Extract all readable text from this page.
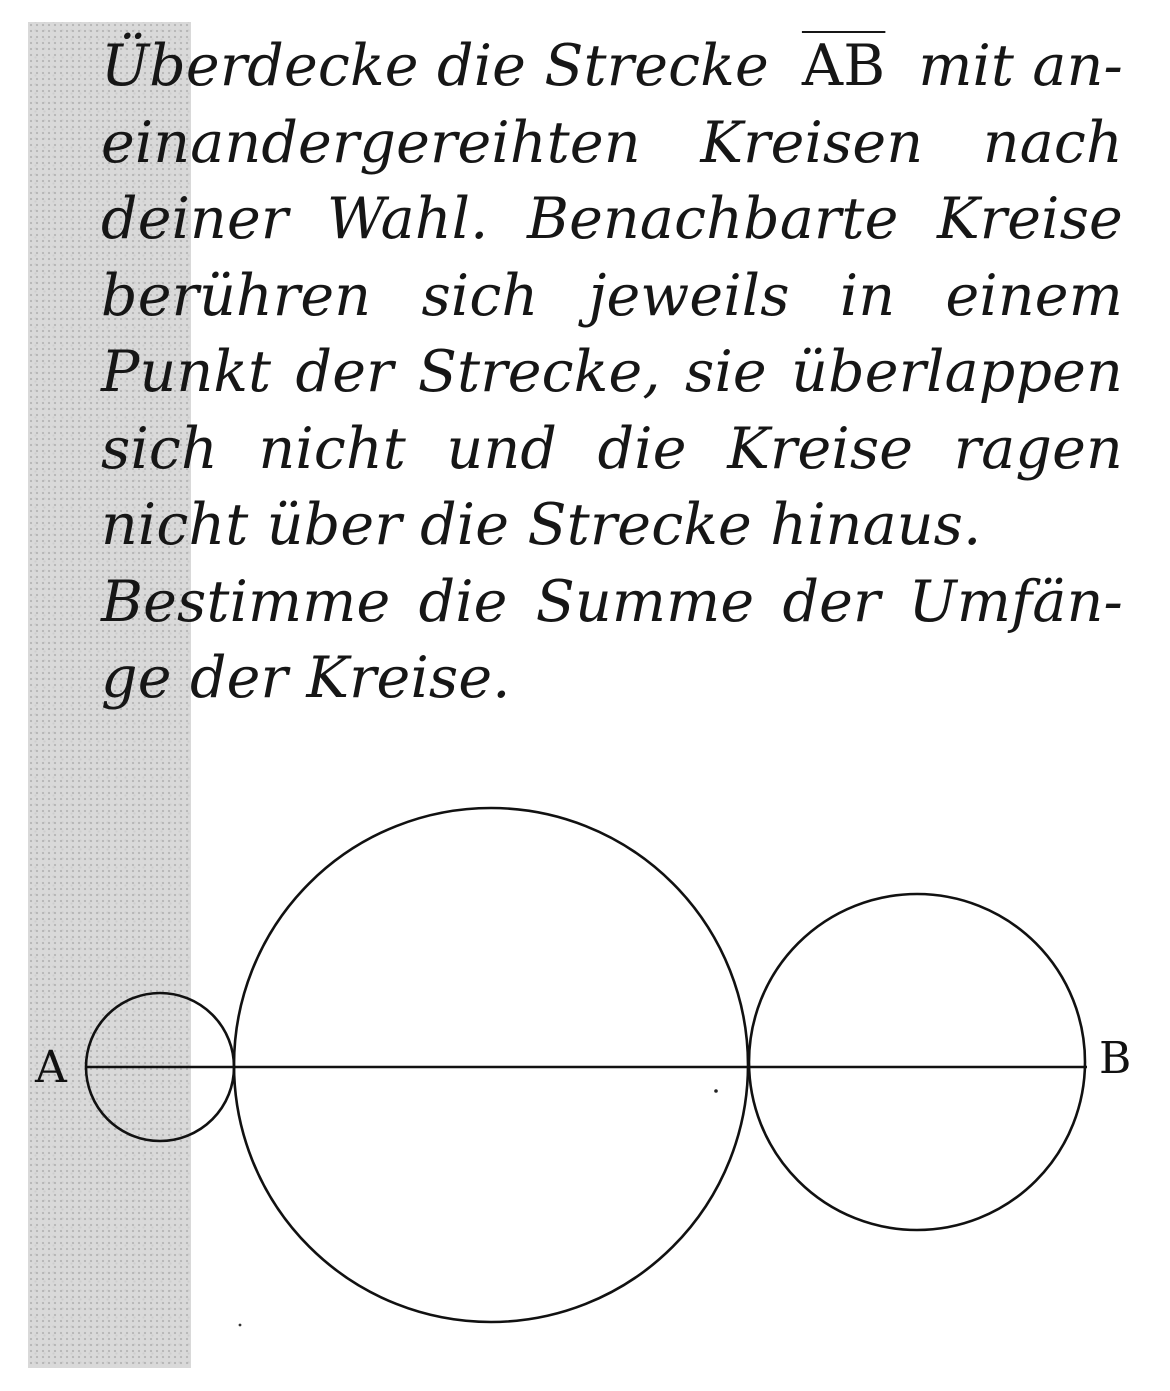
Überdecke die Strecke $\overline{AB}$ mit an-
einandergereihten Kreisen nach
deiner Wahl. Benachbarte Kreise
berühren sich jeweils in einem
Punkt der Strecke, sie überlappen
sich nicht und die Kreise ragen
nicht über die Strecke hinaus.
Bestimme die Summe der Umfän-
ge der Kreise.
A	B
